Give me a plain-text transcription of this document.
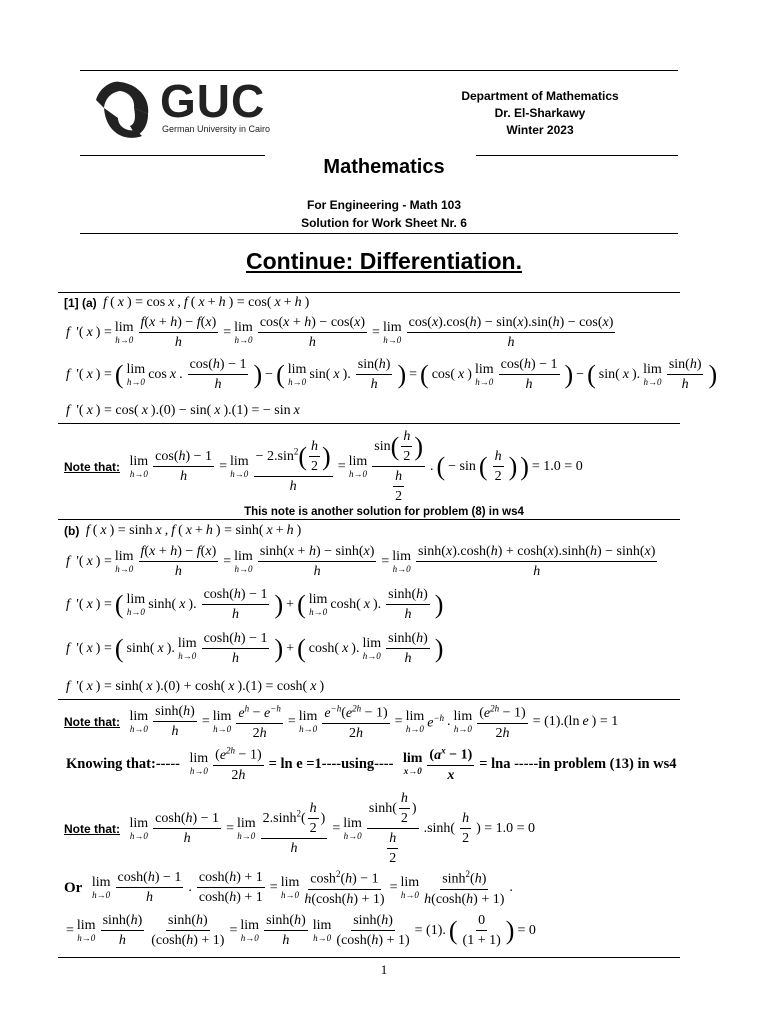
GUC
German University in Cairo
Department of Mathematics
Dr. El-Sharkawy
Winter 2023
Mathematics
For Engineering - Math 103
Solution for Work Sheet Nr. 6
Continue: Differentiation.
[1] (a) f ( x ) = cos x , f ( x + h ) = cos( x + h )
f '( x ) = lim
$h\to 0 \frac{f(x + h) - f(x)}{h} = \lim$
$h\to 0 \frac{\cos(x + h) - \cos(x)}{h} = \lim$
$h\to 0 \frac{\cos(x).\cos(h) - \sin(x).\sin(h) - \cos(x)}{h}$
f '( x ) = ( lim
h→0 cos x . $\frac{\cos(h) - 1}{h}$ ) − ( lim
h→0 sin( x ). $\frac{\sin(h)}{h}$ ) = ( cos( x ) lim
$h\to 0 \frac{\cos(h) - 1}{h}$ ) − ( sin( x ). lim
$h\to 0 \frac{\sin(h)}{h}$ )
f '( x ) = cos( x ).(0) − sin( x ).(1) = − sin x
Note that:
lim
$h\to 0 \frac{\cos(h) - 1}{h} = \lim$
$h\to 0 \frac{- 2.\sin^2( \frac{h}{2} )}{h} = \lim$
$h\to 0 \frac{\sin( \frac{h}{2} )}{\frac{h}{2}}$ . ( − sin ( $\frac{h}{2}$ ) ) = 1.0 = 0
This note is another solution for problem (8) in ws4
(b) f ( x ) = sinh x , f ( x + h ) = sinh( x + h )
f '( x ) = lim
$h\to 0 \frac{f(x + h) - f(x)}{h} = \lim$
$h\to 0 \frac{\sinh(x + h) - \sinh(x)}{h} = \lim$
$h\to 0 \frac{\sinh(x).\cosh(h) + \cosh(x).\sinh(h) - \sinh(x)}{h}$
f '( x ) = ( lim
h→0 sinh( x ). $\frac{\cosh(h) - 1}{h}$ ) + ( lim
h→0 cosh( x ). $\frac{\sinh(h)}{h}$ )
f '( x ) = ( sinh( x ). lim
$h\to 0 \frac{\cosh(h) - 1}{h}$ ) + ( cosh( x ). lim
$h\to 0 \frac{\sinh(h)}{h}$ )
f '( x ) = sinh( x ).(0) + cosh( x ).(1) = cosh( x )
Note that:
lim
$h\to 0 \frac{\sinh(h)}{h} = \lim$
$h\to 0 \frac{e^h - e^{-h}}{2h} = \lim$
$h\to 0 \frac{e^{-h}(e^{2h} - 1)}{2h} = \lim$
h→0 $e^{-h}$ . lim
$h\to 0 \frac{(e^{2h} - 1)}{2h} = (1).(\ln$ e ) = 1
Knowing that:-----
lim
$h\to 0 \frac{(e^{2h} - 1)}{2h} = \ln e =1----using----$
lim
$x\to 0 \frac{(a^x - 1)}{x} = \ln a$ -----in problem (13) in ws4
Note that:
lim
$h\to 0 \frac{\cosh(h) - 1}{h} = \lim$
$h\to 0 \frac{2.\sinh^2( \frac{h}{2} )}{h} = \lim$
$h\to 0 \frac{\sinh( \frac{h}{2} )}{\frac{h}{2}} .\sinh( \frac{h}{2}$ ) = 1.0 = 0
Or
lim
$h\to 0 \frac{\cosh(h) - 1}{h}$ . $\frac{\cosh(h) + 1}{\cosh(h) + 1} = \lim$
$h\to 0 \frac{\cosh^2(h) - 1}{h(\cosh(h) + 1)} = \lim$
$h\to 0 \frac{\sinh^2(h)}{h(\cosh(h) + 1)}$ .
= lim
$h\to 0 \frac{\sinh(h)}{h} \frac{\sinh(h)}{(\cosh(h) + 1)} = \lim$
$h\to 0 \frac{\sinh(h)}{h}$ lim
$h\to 0 \frac{\sinh(h)}{(\cosh(h) + 1)} = (1)$. ( $\frac{0}{(1 + 1)}$ ) = 0
1
